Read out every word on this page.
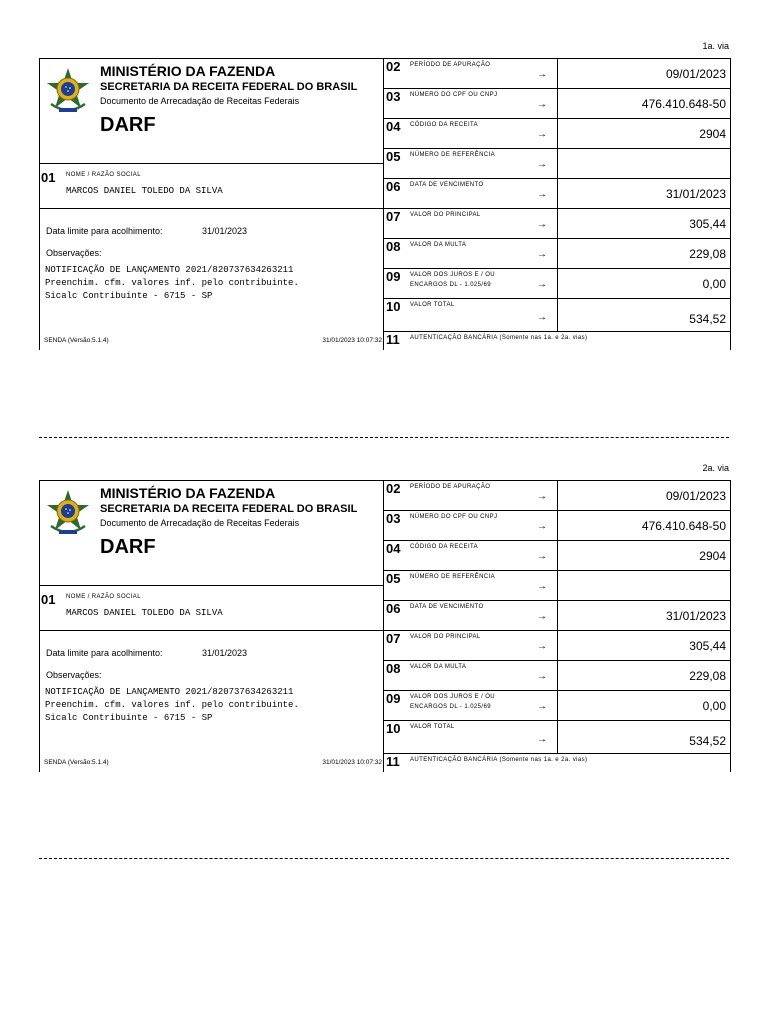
1a. via
MINISTÉRIO DA FAZENDA
SECRETARIA DA RECEITA FEDERAL DO BRASIL
Documento de Arrecadação de Receitas Federais
DARF
01 NOME / RAZÃO SOCIAL
MARCOS DANIEL TOLEDO DA SILVA
Data limite para acolhimento:	31/01/2023
Observações:
NOTIFICAÇÃO DE LANÇAMENTO 2021/820737634263211
Preenchim. cfm. valores inf. pelo contribuinte.
Sicalc Contribuinte - 6715 - SP
SENDA (Versão:5.1.4)	31/01/2023 10:07:32
02 PERÍODO DE APURAÇÃO
→	09/01/2023
03 NÚMERO DO CPF OU CNPJ
→	476.410.648-50
04 CÓDIGO DA RECEITA
→	2904
05 NÚMERO DE REFERÊNCIA
→
06 DATA DE VENCIMENTO
→	31/01/2023
07 VALOR DO PRINCIPAL
→	305,44
08 VALOR DA MULTA
→	229,08
09 VALOR DOS JUROS E / OU
ENCARGOS DL - 1.025/69	→	0,00
10 VALOR TOTAL
→	534,52
11 AUTENTICAÇÃO BANCÁRIA (Somente nas 1a. e 2a. vias)
2a. via
MINISTÉRIO DA FAZENDA
SECRETARIA DA RECEITA FEDERAL DO BRASIL
Documento de Arrecadação de Receitas Federais
DARF
01 NOME / RAZÃO SOCIAL
MARCOS DANIEL TOLEDO DA SILVA
Data limite para acolhimento:	31/01/2023
Observações:
NOTIFICAÇÃO DE LANÇAMENTO 2021/820737634263211
Preenchim. cfm. valores inf. pelo contribuinte.
Sicalc Contribuinte - 6715 - SP
SENDA (Versão:5.1.4)	31/01/2023 10:07:32
02 PERÍODO DE APURAÇÃO
→	09/01/2023
03 NÚMERO DO CPF OU CNPJ
→	476.410.648-50
04 CÓDIGO DA RECEITA
→	2904
05 NÚMERO DE REFERÊNCIA
→
06 DATA DE VENCIMENTO
→	31/01/2023
07 VALOR DO PRINCIPAL
→	305,44
08 VALOR DA MULTA
→	229,08
09 VALOR DOS JUROS E / OU
ENCARGOS DL - 1.025/69	→	0,00
10 VALOR TOTAL
→	534,52
11 AUTENTICAÇÃO BANCÁRIA (Somente nas 1a. e 2a. vias)
